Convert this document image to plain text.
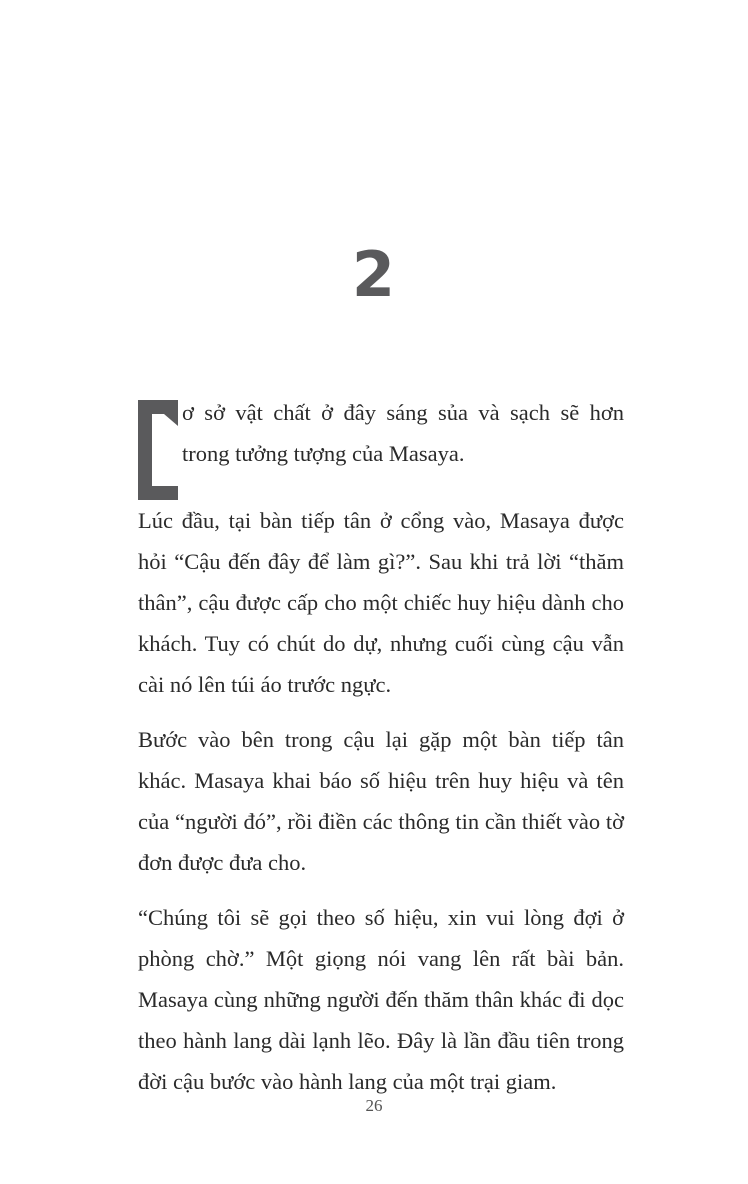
2

ơ sở vật chất ở đây sáng sủa và sạch sẽ hơn trong tưởng tượng của Masaya.

Lúc đầu, tại bàn tiếp tân ở cổng vào, Masaya được hỏi “Cậu đến đây để làm gì?”. Sau khi trả lời “thăm thân”, cậu được cấp cho một chiếc huy hiệu dành cho khách. Tuy có chút do dự, nhưng cuối cùng cậu vẫn cài nó lên túi áo trước ngực.

Bước vào bên trong cậu lại gặp một bàn tiếp tân khác. Masaya khai báo số hiệu trên huy hiệu và tên của “người đó”, rồi điền các thông tin cần thiết vào tờ đơn được đưa cho.

“Chúng tôi sẽ gọi theo số hiệu, xin vui lòng đợi ở phòng chờ.” Một giọng nói vang lên rất bài bản. Masaya cùng những người đến thăm thân khác đi dọc theo hành lang dài lạnh lẽo. Đây là lần đầu tiên trong đời cậu bước vào hành lang của một trại giam.

26
